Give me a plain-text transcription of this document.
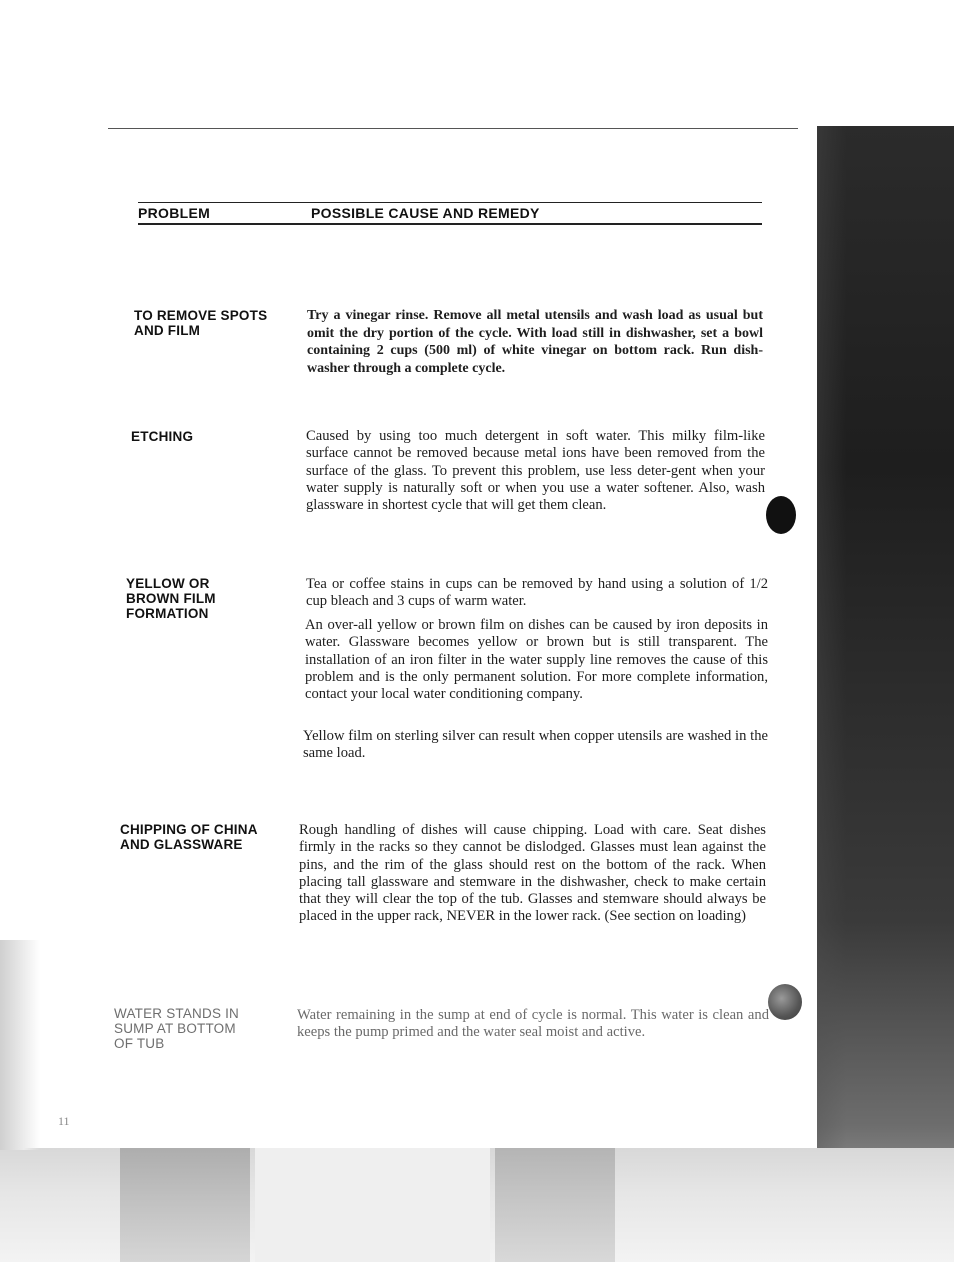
PROBLEM	POSSIBLE CAUSE AND REMEDY
TO REMOVE SPOTS
AND FILM
Try a vinegar rinse. Remove all metal utensils and wash load as usual but omit the dry portion of the cycle. With load still in dishwasher, set a bowl containing 2 cups (500 ml) of white vinegar on bottom rack. Run dish-washer through a complete cycle.
ETCHING	Caused by using too much detergent in soft water. This milky film-like surface cannot be removed because metal ions have been removed from the surface of the glass. To prevent this problem, use less deter-gent when your water supply is naturally soft or when you use a water softener. Also, wash glassware in shortest cycle that will get them clean.
YELLOW OR
BROWN FILM
FORMATION
Tea or coffee stains in cups can be removed by hand using a solution of 1/2 cup bleach and 3 cups of warm water.
An over-all yellow or brown film on dishes can be caused by iron deposits in water. Glassware becomes yellow or brown but is still transparent. The installation of an iron filter in the water supply line removes the cause of this problem and is the only permanent solution. For more complete information, contact your local water conditioning company.
Yellow film on sterling silver can result when copper utensils are washed in the same load.
CHIPPING OF CHINA
AND GLASSWARE
Rough handling of dishes will cause chipping. Load with care. Seat dishes firmly in the racks so they cannot be dislodged. Glasses must lean against the pins, and the rim of the glass should rest on the bottom of the rack. When placing tall glassware and stemware in the dishwasher, check to make certain that they will clear the top of the tub. Glasses and stemware should always be placed in the upper rack, NEVER in the lower rack. (See section on loading)
WATER STANDS IN
SUMP AT BOTTOM
OF TUB
Water remaining in the sump at end of cycle is normal. This water is clean and keeps the pump primed and the water seal moist and active.
11
